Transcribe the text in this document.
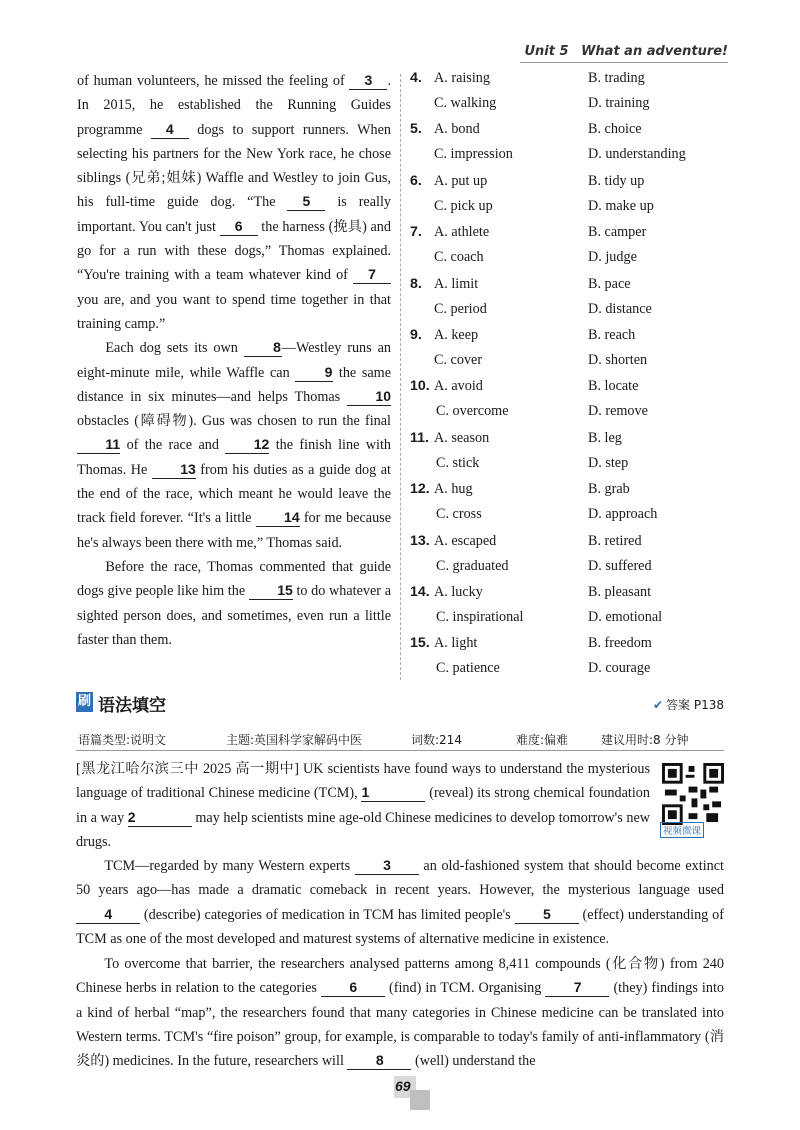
Unit 5 What an adventure!

of human volunteers, he missed the feeling of 3 . In 2015, he established the Running Guides programme 4 dogs to support runners. When selecting his partners for the New York race, he chose siblings (兄弟;姐妹) Waffle and Westley to join Gus, his full-time guide dog. “The 5 is really important. You can't just 6 the harness (挽具) and go for a run with these dogs,” Thomas explained. “You're training with a team whatever kind of 7 you are, and you want to spend time together in that training camp.”

Each dog sets its own 8—Westley runs an eight-minute mile, while Waffle can 9 the same distance in six minutes—and helps Thomas 10 obstacles (障碍物). Gus was chosen to run the final 11 of the race and 12 the finish line with Thomas. He 13 from his duties as a guide dog at the end of the race, which meant he would leave the track field forever. “It's a little 14 for me because he's always been there with me,” Thomas said.

Before the race, Thomas commented that guide dogs give people like him the 15 to do whatever a sighted person does, and sometimes, even run a little faster than them.

4. A. raising	B. trading
C. walking	D. training
5. A. bond	B. choice
C. impression	D. understanding
6. A. put up	B. tidy up
C. pick up	D. make up
7. A. athlete	B. camper
C. coach	D. judge
8. A. limit	B. pace
C. period	D. distance
9. A. keep	B. reach
C. cover	D. shorten
10. A. avoid	B. locate
C. overcome	D. remove
11. A. season	B. leg
C. stick	D. step
12. A. hug	B. grab
C. cross	D. approach
13. A. escaped	B. retired
C. graduated	D. suffered
14. A. lucky	B. pleasant
C. inspirational	D. emotional
15. A. light	B. freedom
C. patience	D. courage
刷 语法填空	✔ 答案 P138
语篇类型:说明文	主题:英国科学家解码中医	词数:214	难度:偏难	建议用时:8 分钟

[黑龙江哈尔滨三中 2025 高一期中] UK scientists have found ways to understand the mysterious language of traditional Chinese medicine (TCM), 1	(reveal) its strong chemical foundation in a way 2	may help scientists mine age-old Chinese medicines to develop tomorrow's new drugs.

视频微课

TCM—regarded by many Western experts 3 an old-fashioned system that should become extinct 50 years ago—has made a dramatic comeback in recent years. However, the mysterious language used 4 (describe) categories of medication in TCM has limited people's 5 (effect) understanding of TCM as one of the most developed and maturest systems of alternative medicine in existence.

To overcome that barrier, the researchers analysed patterns among 8,411 compounds (化合物) from 240 Chinese herbs in relation to the categories 6 (find) in TCM. Organising 7 (they) findings into a kind of herbal “map”, the researchers found that many categories in Chinese medicine can be translated into Western terms. TCM's “fire poison” group, for example, is comparable to today's family of anti-inflammatory (消炎的) medicines. In the future, researchers will 8 (well) understand the

69
